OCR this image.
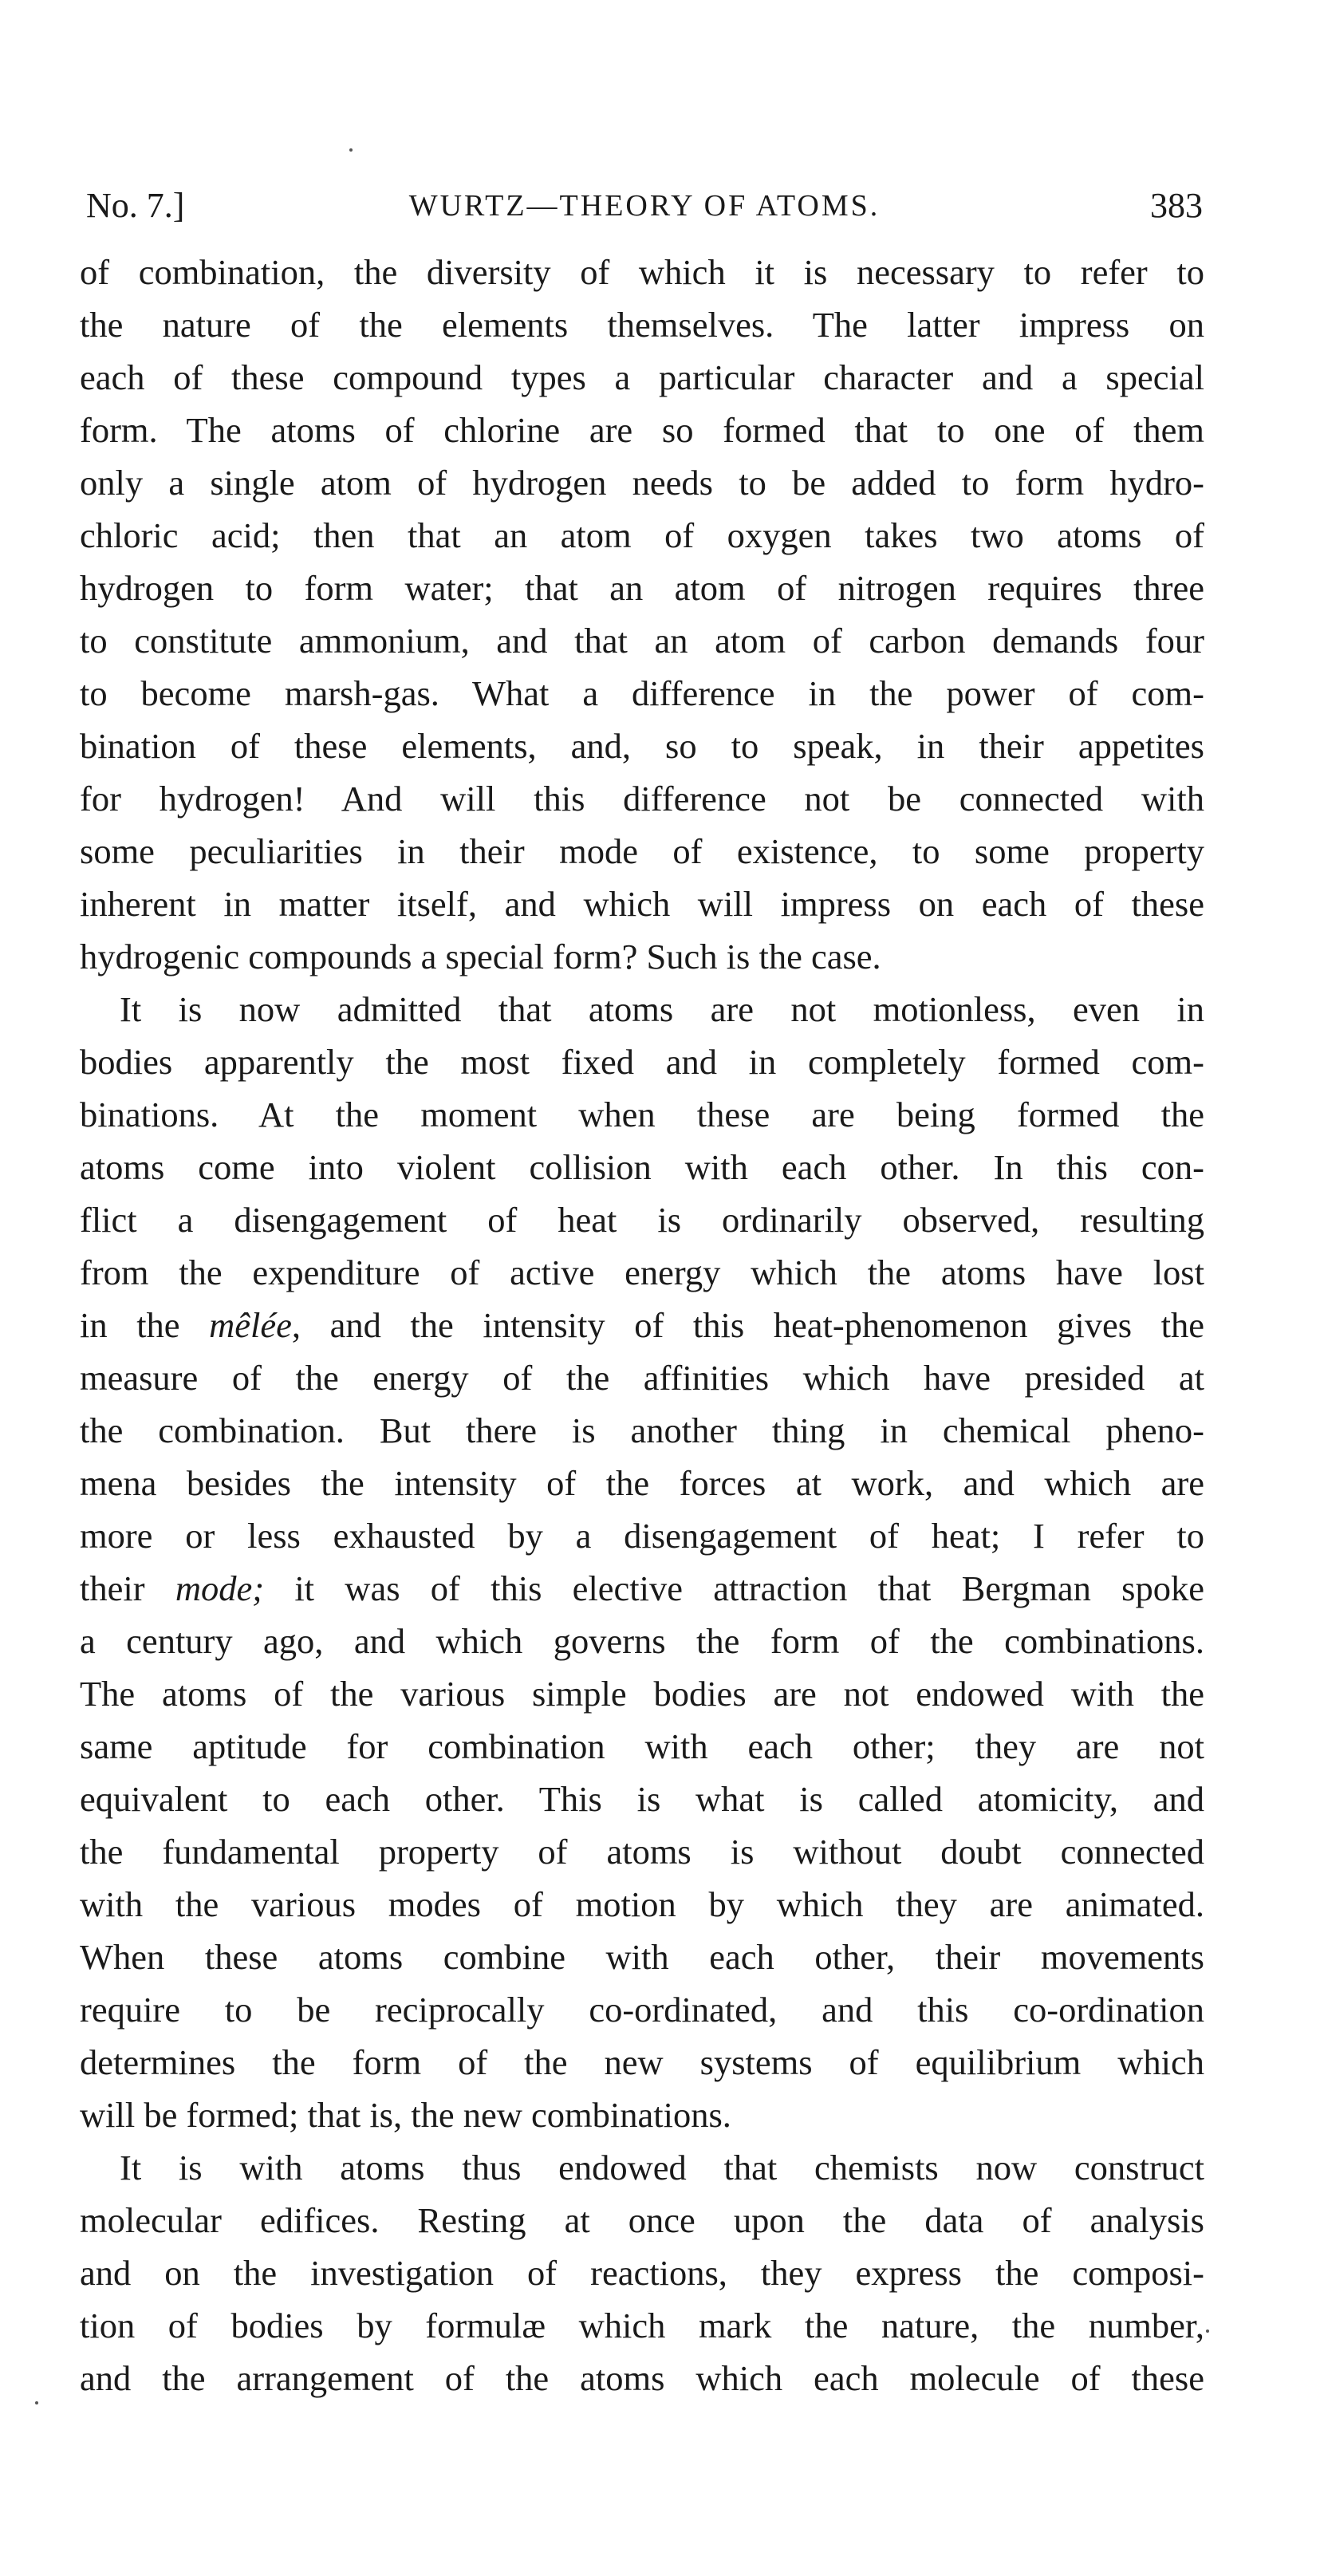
No. 7.]	WURTZ—THEORY OF ATOMS.	383
of combination, the diversity of which it is necessary to refer to
the nature of the elements themselves. The latter impress on
each of these compound types a particular character and a special
form. The atoms of chlorine are so formed that to one of them
only a single atom of hydrogen needs to be added to form hydro-
chloric acid; then that an atom of oxygen takes two atoms of
hydrogen to form water; that an atom of nitrogen requires three
to constitute ammonium, and that an atom of carbon demands four
to become marsh-gas. What a difference in the power of com-
bination of these elements, and, so to speak, in their appetites
for hydrogen! And will this difference not be connected with
some peculiarities in their mode of existence, to some property
inherent in matter itself, and which will impress on each of these
hydrogenic compounds a special form? Such is the case.
It is now admitted that atoms are not motionless, even in
bodies apparently the most fixed and in completely formed com-
binations. At the moment when these are being formed the
atoms come into violent collision with each other. In this con-
flict a disengagement of heat is ordinarily observed, resulting
from the expenditure of active energy which the atoms have lost
in the mêlée, and the intensity of this heat-phenomenon gives the
measure of the energy of the affinities which have presided at
the combination. But there is another thing in chemical pheno-
mena besides the intensity of the forces at work, and which are
more or less exhausted by a disengagement of heat; I refer to
their mode; it was of this elective attraction that Bergman spoke
a century ago, and which governs the form of the combinations.
The atoms of the various simple bodies are not endowed with the
same aptitude for combination with each other; they are not
equivalent to each other. This is what is called atomicity, and
the fundamental property of atoms is without doubt connected
with the various modes of motion by which they are animated.
When these atoms combine with each other, their movements
require to be reciprocally co-ordinated, and this co-ordination
determines the form of the new systems of equilibrium which
will be formed; that is, the new combinations.
It is with atoms thus endowed that chemists now construct
molecular edifices. Resting at once upon the data of analysis
and on the investigation of reactions, they express the composi-
tion of bodies by formulæ which mark the nature, the number,
and the arrangement of the atoms which each molecule of these
